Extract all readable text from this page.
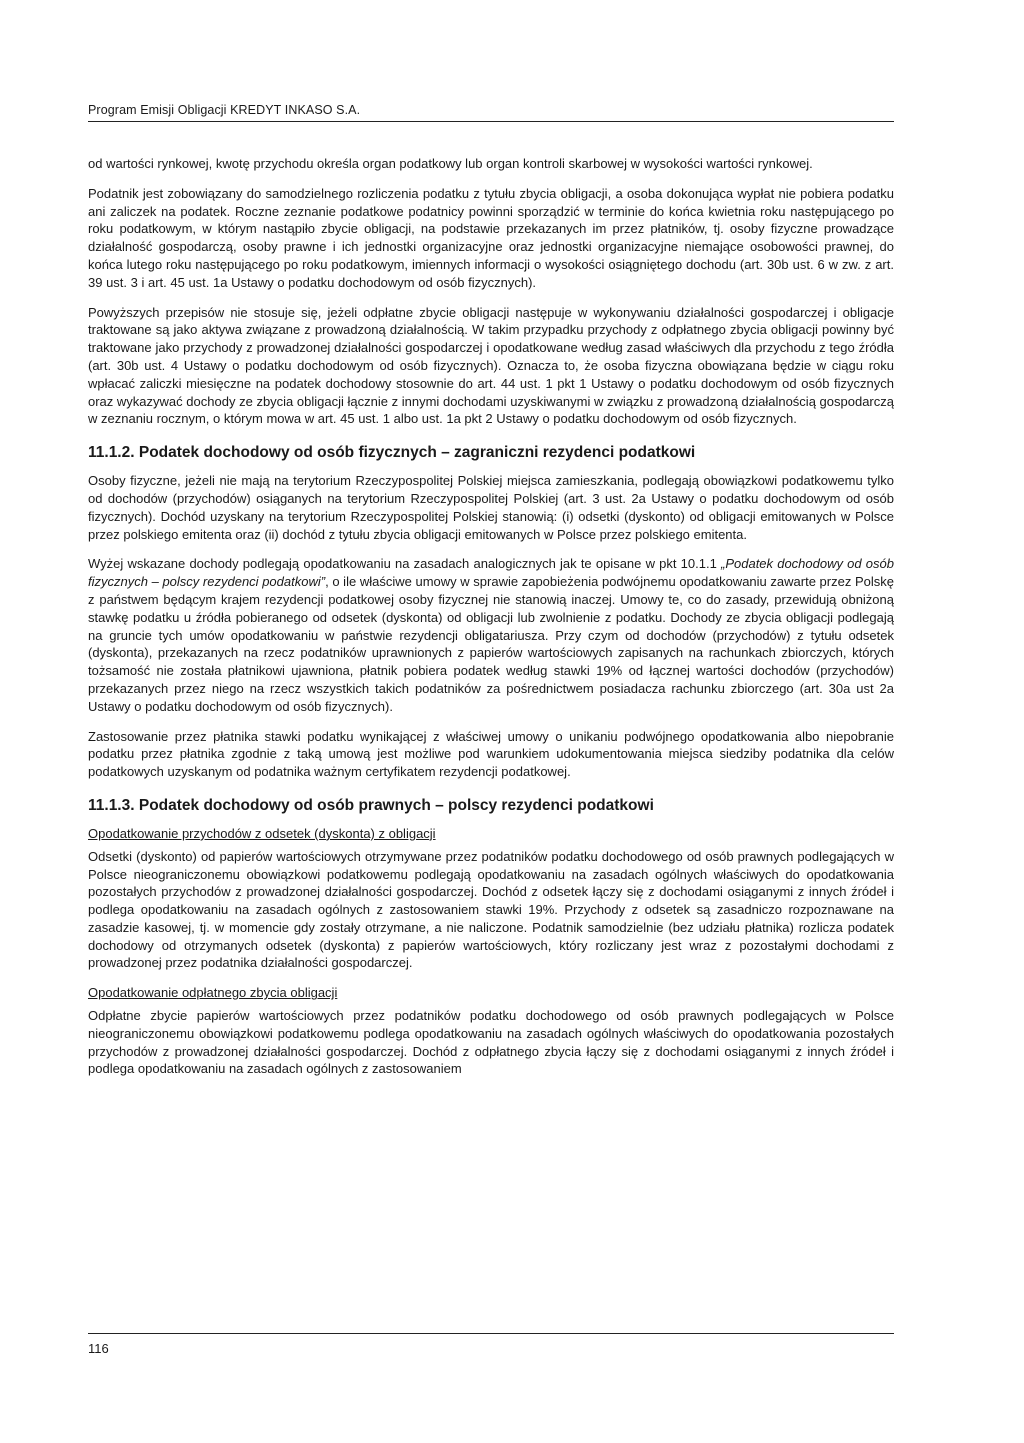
Program Emisji Obligacji KREDYT INKASO S.A.

od wartości rynkowej, kwotę przychodu określa organ podatkowy lub organ kontroli skarbowej w wysokości wartości rynkowej.

Podatnik jest zobowiązany do samodzielnego rozliczenia podatku z tytułu zbycia obligacji, a osoba dokonująca wypłat nie pobiera podatku ani zaliczek na podatek. Roczne zeznanie podatkowe podatnicy powinni sporządzić w terminie do końca kwietnia roku następującego po roku podatkowym, w którym nastąpiło zbycie obligacji, na podstawie przekazanych im przez płatników, tj. osoby fizyczne prowadzące działalność gospodarczą, osoby prawne i ich jednostki organizacyjne oraz jednostki organizacyjne niemające osobowości prawnej, do końca lutego roku następującego po roku podatkowym, imiennych informacji o wysokości osiągniętego dochodu (art. 30b ust. 6 w zw. z art. 39 ust. 3 i art. 45 ust. 1a Ustawy o podatku dochodowym od osób fizycznych).

Powyższych przepisów nie stosuje się, jeżeli odpłatne zbycie obligacji następuje w wykonywaniu działalności gospodarczej i obligacje traktowane są jako aktywa związane z prowadzoną działalnością. W takim przypadku przychody z odpłatnego zbycia obligacji powinny być traktowane jako przychody z prowadzonej działalności gospodarczej i opodatkowane według zasad właściwych dla przychodu z tego źródła (art. 30b ust. 4 Ustawy o podatku dochodowym od osób fizycznych). Oznacza to, że osoba fizyczna obowiązana będzie w ciągu roku wpłacać zaliczki miesięczne na podatek dochodowy stosownie do art. 44 ust. 1 pkt 1 Ustawy o podatku dochodowym od osób fizycznych oraz wykazywać dochody ze zbycia obligacji łącznie z innymi dochodami uzyskiwanymi w związku z prowadzoną działalnością gospodarczą w zeznaniu rocznym, o którym mowa w art. 45 ust. 1 albo ust. 1a pkt 2 Ustawy o podatku dochodowym od osób fizycznych.

11.1.2. Podatek dochodowy od osób fizycznych – zagraniczni rezydenci podatkowi

Osoby fizyczne, jeżeli nie mają na terytorium Rzeczypospolitej Polskiej miejsca zamieszkania, podlegają obowiązkowi podatkowemu tylko od dochodów (przychodów) osiąganych na terytorium Rzeczypospolitej Polskiej (art. 3 ust. 2a Ustawy o podatku dochodowym od osób fizycznych). Dochód uzyskany na terytorium Rzeczypospolitej Polskiej stanowią: (i) odsetki (dyskonto) od obligacji emitowanych w Polsce przez polskiego emitenta oraz (ii) dochód z tytułu zbycia obligacji emitowanych w Polsce przez polskiego emitenta.

Wyżej wskazane dochody podlegają opodatkowaniu na zasadach analogicznych jak te opisane w pkt 10.1.1 „Podatek dochodowy od osób fizycznych – polscy rezydenci podatkowi”, o ile właściwe umowy w sprawie zapobieżenia podwójnemu opodatkowaniu zawarte przez Polskę z państwem będącym krajem rezydencji podatkowej osoby fizycznej nie stanowią inaczej. Umowy te, co do zasady, przewidują obniżoną stawkę podatku u źródła pobieranego od odsetek (dyskonta) od obligacji lub zwolnienie z podatku. Dochody ze zbycia obligacji podlegają na gruncie tych umów opodatkowaniu w państwie rezydencji obligatariusza. Przy czym od dochodów (przychodów) z tytułu odsetek (dyskonta), przekazanych na rzecz podatników uprawnionych z papierów wartościowych zapisanych na rachunkach zbiorczych, których tożsamość nie została płatnikowi ujawniona, płatnik pobiera podatek według stawki 19% od łącznej wartości dochodów (przychodów) przekazanych przez niego na rzecz wszystkich takich podatników za pośrednictwem posiadacza rachunku zbiorczego (art. 30a ust 2a Ustawy o podatku dochodowym od osób fizycznych).

Zastosowanie przez płatnika stawki podatku wynikającej z właściwej umowy o unikaniu podwójnego opodatkowania albo niepobranie podatku przez płatnika zgodnie z taką umową jest możliwe pod warunkiem udokumentowania miejsca siedziby podatnika dla celów podatkowych uzyskanym od podatnika ważnym certyfikatem rezydencji podatkowej.

11.1.3. Podatek dochodowy od osób prawnych – polscy rezydenci podatkowi

Opodatkowanie przychodów z odsetek (dyskonta) z obligacji

Odsetki (dyskonto) od papierów wartościowych otrzymywane przez podatników podatku dochodowego od osób prawnych podlegających w Polsce nieograniczonemu obowiązkowi podatkowemu podlegają opodatkowaniu na zasadach ogólnych właściwych do opodatkowania pozostałych przychodów z prowadzonej działalności gospodarczej. Dochód z odsetek łączy się z dochodami osiąganymi z innych źródeł i podlega opodatkowaniu na zasadach ogólnych z zastosowaniem stawki 19%. Przychody z odsetek są zasadniczo rozpoznawane na zasadzie kasowej, tj. w momencie gdy zostały otrzymane, a nie naliczone. Podatnik samodzielnie (bez udziału płatnika) rozlicza podatek dochodowy od otrzymanych odsetek (dyskonta) z papierów wartościowych, który rozliczany jest wraz z pozostałymi dochodami z prowadzonej przez podatnika działalności gospodarczej.

Opodatkowanie odpłatnego zbycia obligacji

Odpłatne zbycie papierów wartościowych przez podatników podatku dochodowego od osób prawnych podlegających w Polsce nieograniczonemu obowiązkowi podatkowemu podlega opodatkowaniu na zasadach ogólnych właściwych do opodatkowania pozostałych przychodów z prowadzonej działalności gospodarczej. Dochód z odpłatnego zbycia łączy się z dochodami osiąganymi z innych źródeł i podlega opodatkowaniu na zasadach ogólnych z zastosowaniem

116
